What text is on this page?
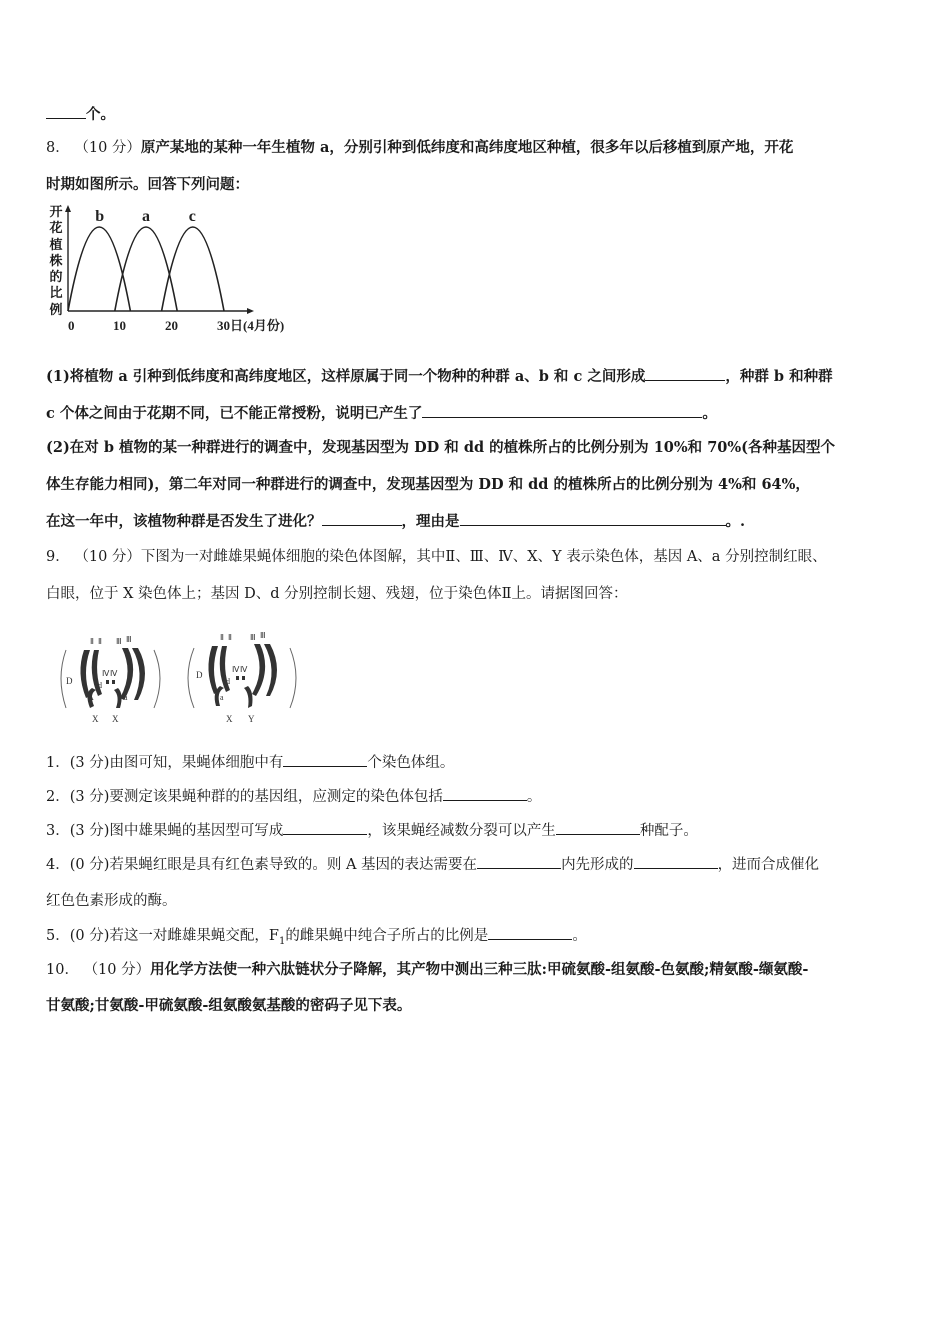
个。
8． （10 分）原产某地的某种一年生植物 a，分别引种到低纬度和高纬度地区种植，很多年以后移植到原产地，开花
时期如图所示。回答下列问题：
开
花
植
株
的
比
例
b a c
0	10	20	30日(4月份)
(1)将植物 a 引种到低纬度和高纬度地区，这样原属于同一个物种的种群 a、b 和 c 之间形成	，种群 b 和种群
c 个体之间由于花期不同，已不能正常授粉，说明已产生了	。
(2)在对 b 植物的某一种群进行的调查中，发现基因型为 DD 和 dd 的植株所占的比例分别为 10%和 70%(各种基因型个
体生存能力相同)，第二年对同一种群进行的调查中，发现基因型为 DD 和 dd 的植株所占的比例分别为 4%和 64%，
在这一年中，该植物种群是否发生了进化？	，理由是	。.
9． （10 分）下图为一对雌雄果蝇体细胞的染色体图解，其中Ⅱ、Ⅲ、Ⅳ、X、Y 表示染色体，基因 A、a 分别控制红眼、
白眼，位于 X 染色体上；基因 D、d 分别控制长翅、残翅，位于染色体Ⅱ上。请据图回答：
Ⅱ Ⅱ Ⅲ Ⅲ
Ⅳ Ⅳ
D	d
A	a
X X
Ⅱ Ⅱ Ⅲ Ⅲ
Ⅳ Ⅳ
D
d
a
X Y
1．(3 分)由图可知，果蝇体细胞中有	个染色体组。
2．(3 分)要测定该果蝇种群的的基因组，应测定的染色体包括	。
3．(3 分)图中雄果蝇的基因型可写成	，该果蝇经减数分裂可以产生	种配子。
4．(0 分)若果蝇红眼是具有红色素导致的。则 A 基因的表达需要在	内先形成的	，进而合成催化
红色色素形成的酶。
5．(0 分)若这一对雌雄果蝇交配，$F_1$的雌果蝇中纯合子所占的比例是	。
10． （10 分）用化学方法使一种六肽链状分子降解，其产物中测出三种三肽:甲硫氨酸-组氨酸-色氨酸;精氨酸-缬氨酸-
甘氨酸;甘氨酸-甲硫氨酸-组氨酸氨基酸的密码子见下表。
